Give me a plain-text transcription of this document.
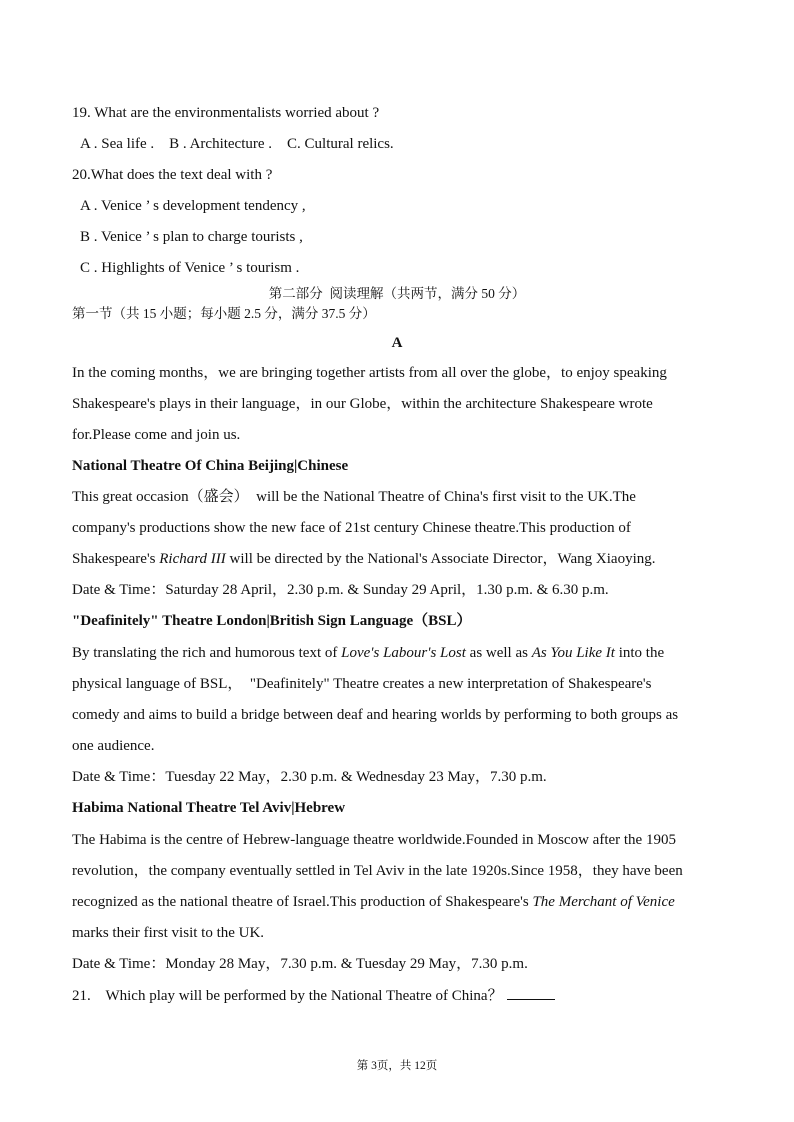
19. What are the environmentalists worried about ?
A . Sea life .    B . Architecture .    C. Cultural relics.
20.What does the text deal with ?
A . Venice ’ s development tendency ,
B . Venice ’ s plan to charge tourists ,
C . Highlights of Venice ’ s tourism .
第二部分  阅读理解（共两节，满分 50 分）
第一节（共 15 小题；每小题 2.5 分，满分 37.5 分）
A
In the coming months，we are bringing together artists from all over the globe，to enjoy speaking
Shakespeare's plays in their language，in our Globe，within the architecture Shakespeare wrote
for.Please come and join us.
National Theatre Of China Beijing|Chinese
This great occasion（盛会）  will be the National Theatre of China's first visit to the UK.The
company's productions show the new face of 21st century Chinese theatre.This production of
Shakespeare's Richard III will be directed by the National's Associate Director，Wang Xiaoying.
Date & Time：Saturday 28 April，2.30 p.m. & Sunday 29 April，1.30 p.m. & 6.30 p.m.
"Deafinitely" Theatre London|British Sign Language（BSL）
By translating the rich and humorous text of Love's Labour's Lost as well as As You Like It into the
physical language of BSL，  "Deafinitely" Theatre creates a new interpretation of Shakespeare's
comedy and aims to build a bridge between deaf and hearing worlds by performing to both groups as
one audience.
Date & Time：Tuesday 22 May，2.30 p.m. & Wednesday 23 May，7.30 p.m.
Habima National Theatre Tel Aviv|Hebrew
The Habima is the centre of Hebrew-language theatre worldwide.Founded in Moscow after the 1905
revolution，the company eventually settled in Tel Aviv in the late 1920s.Since 1958，they have been
recognized as the national theatre of Israel.This production of Shakespeare's The Merchant of Venice
marks their first visit to the UK.
Date & Time：Monday 28 May，7.30 p.m. & Tuesday 29 May，7.30 p.m.
21.    Which play will be performed by the National Theatre of China？
第 3页，共 12页
